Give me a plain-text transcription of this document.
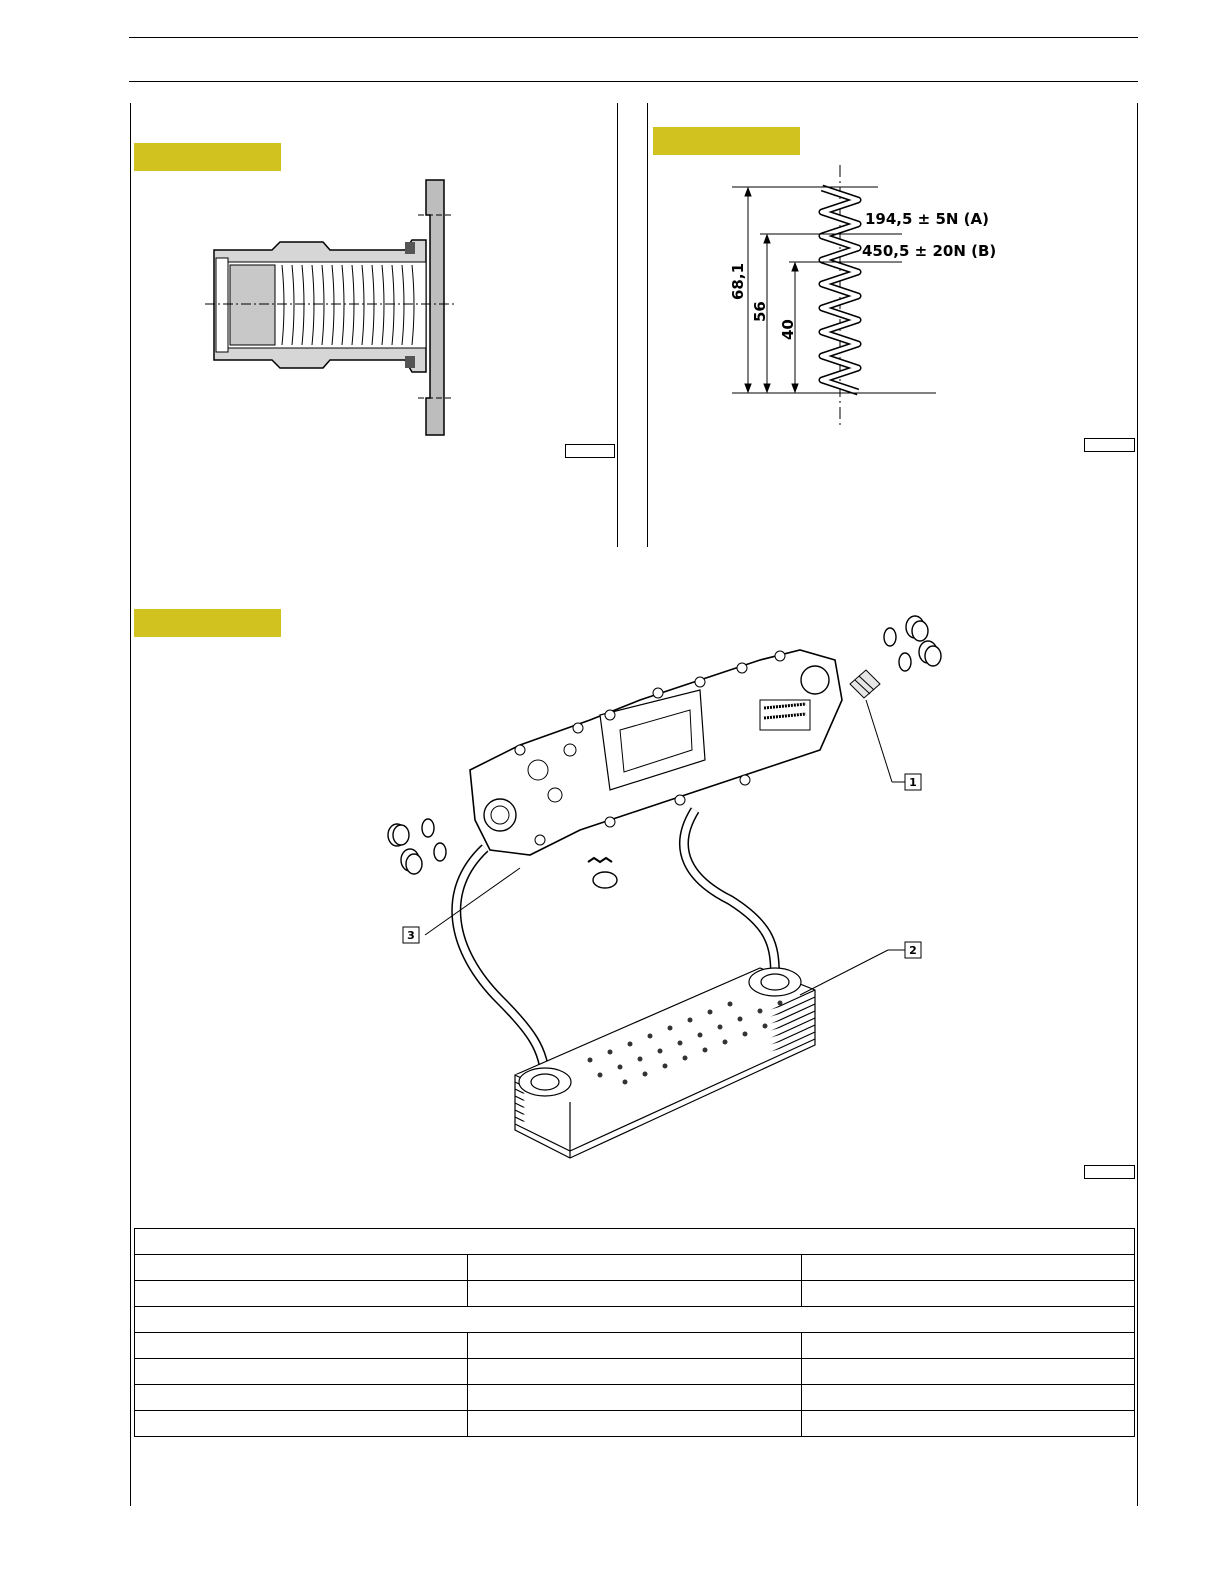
194,5 ± 5N (A)
450,5 ± 20N (B)
68,1
56
40
1
2
3
